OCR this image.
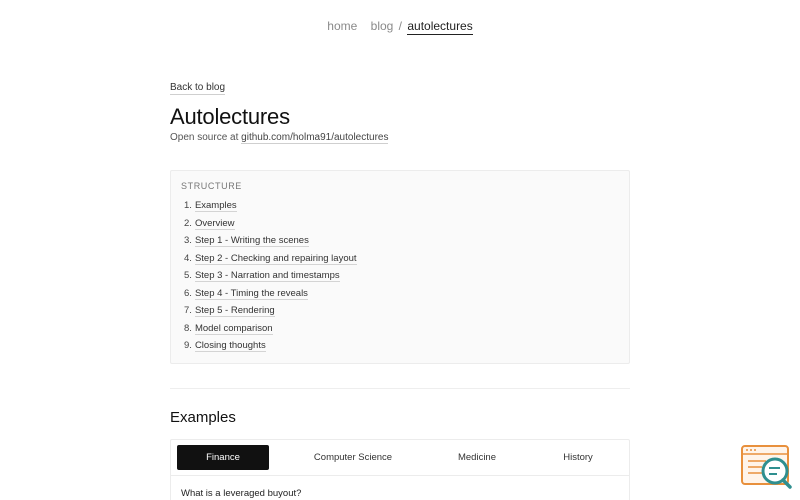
home blog / autolectures
Back to blog
Autolectures

Open source at github.com/holma91/autolectures

STRUCTURE
1. Examples
2. Overview
3. Step 1 - Writing the scenes
4. Step 2 - Checking and repairing layout
5. Step 3 - Narration and timestamps
6. Step 4 - Timing the reveals
7. Step 5 - Rendering
8. Model comparison
9. Closing thoughts
Examples
Finance	Computer Science	Medicine	History
What is a leveraged buyout?
